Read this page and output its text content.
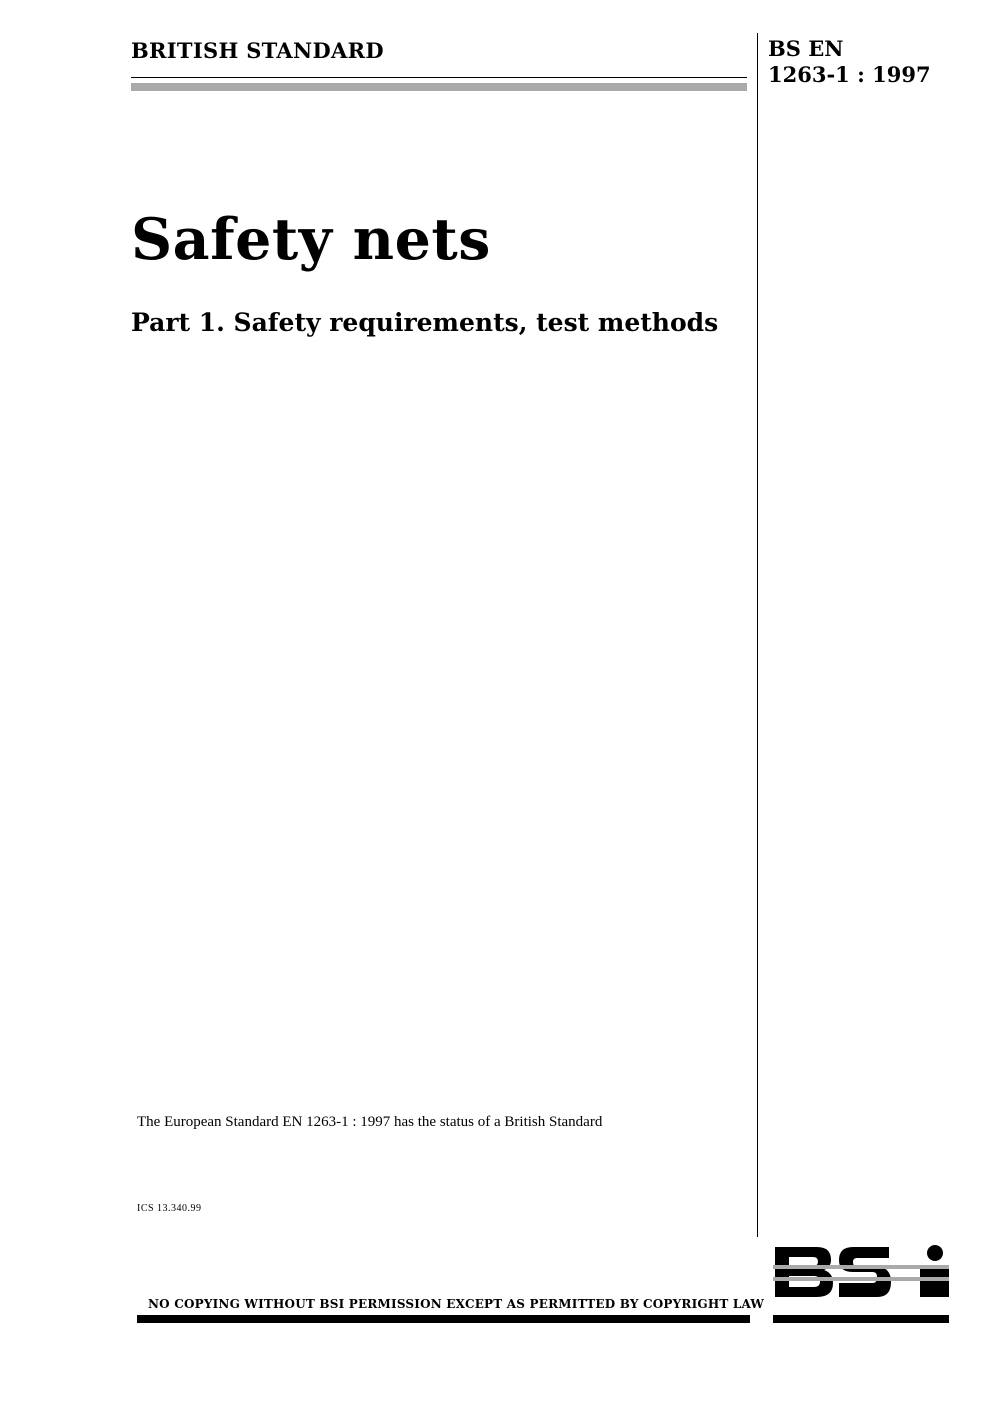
BRITISH STANDARD	BS EN
1263-1 : 1997
Safety nets
Part 1. Safety requirements, test methods
The European Standard EN 1263-1 : 1997 has the status of a British Standard
ICS 13.340.99
NO COPYING WITHOUT BSI PERMISSION EXCEPT AS PERMITTED BY COPYRIGHT LAW
